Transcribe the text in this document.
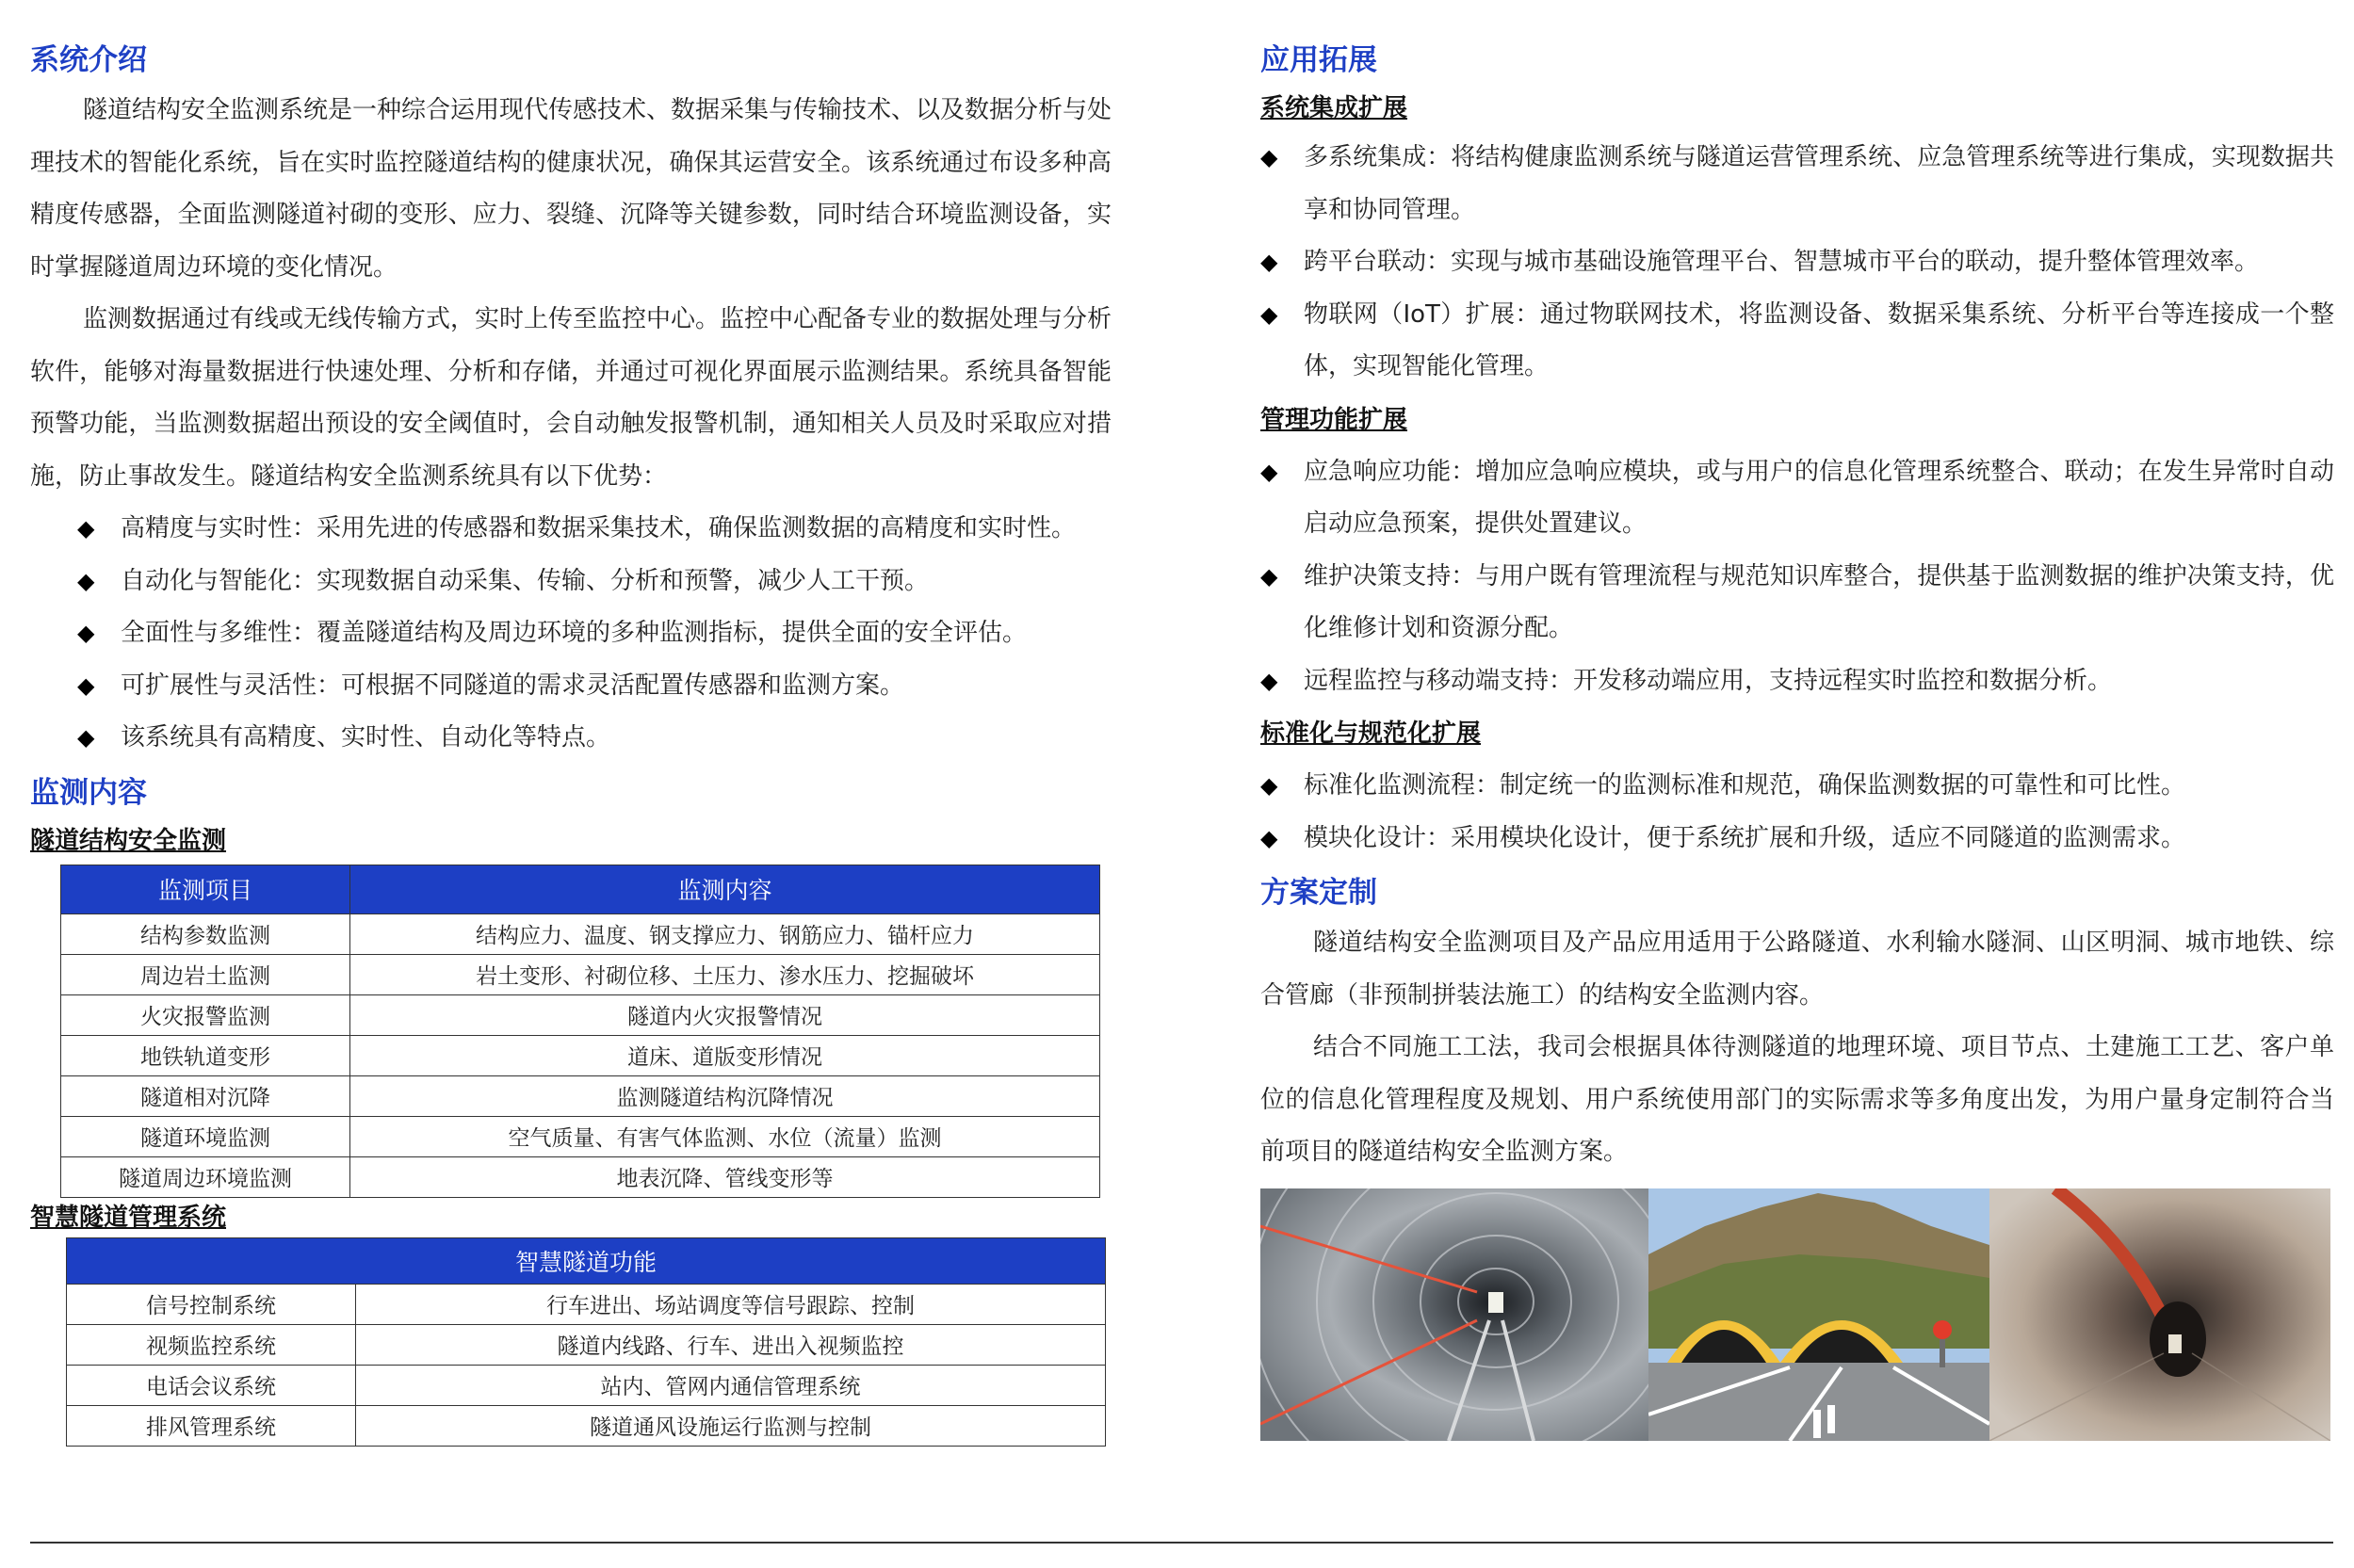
系统介绍

隧道结构安全监测系统是一种综合运用现代传感技术、数据采集与传输技术、以及数据分析与处理技术的智能化系统，旨在实时监控隧道结构的健康状况，确保其运营安全。该系统通过布设多种高精度传感器，全面监测隧道衬砌的变形、应力、裂缝、沉降等关键参数，同时结合环境监测设备，实时掌握隧道周边环境的变化情况。

监测数据通过有线或无线传输方式，实时上传至监控中心。监控中心配备专业的数据处理与分析软件，能够对海量数据进行快速处理、分析和存储，并通过可视化界面展示监测结果。系统具备智能预警功能，当监测数据超出预设的安全阈值时，会自动触发报警机制，通知相关人员及时采取应对措施，防止事故发生。隧道结构安全监测系统具有以下优势：

◆ 高精度与实时性：采用先进的传感器和数据采集技术，确保监测数据的高精度和实时性。
◆ 自动化与智能化：实现数据自动采集、传输、分析和预警，减少人工干预。
◆ 全面性与多维性：覆盖隧道结构及周边环境的多种监测指标，提供全面的安全评估。
◆ 可扩展性与灵活性：可根据不同隧道的需求灵活配置传感器和监测方案。
◆ 该系统具有高精度、实时性、自动化等特点。
监测内容
隧道结构安全监测
监测项目	监测内容
结构参数监测	结构应力、温度、钢支撑应力、钢筋应力、锚杆应力
周边岩土监测	岩土变形、衬砌位移、土压力、渗水压力、挖掘破坏
火灾报警监测	隧道内火灾报警情况
地铁轨道变形	道床、道版变形情况
隧道相对沉降	监测隧道结构沉降情况
隧道环境监测	空气质量、有害气体监测、水位（流量）监测
隧道周边环境监测	地表沉降、管线变形等
智慧隧道管理系统
智慧隧道功能	
信号控制系统	行车进出、场站调度等信号跟踪、控制
视频监控系统	隧道内线路、行车、进出入视频监控
电话会议系统	站内、管网内通信管理系统
排风管理系统	隧道通风设施运行监测与控制
应用拓展
系统集成扩展
◆ 多系统集成：将结构健康监测系统与隧道运营管理系统、应急管理系统等进行集成，实现数据共享和协同管理。
◆ 跨平台联动：实现与城市基础设施管理平台、智慧城市平台的联动，提升整体管理效率。
◆ 物联网（IoT）扩展：通过物联网技术，将监测设备、数据采集系统、分析平台等连接成一个整体，实现智能化管理。
管理功能扩展
◆ 应急响应功能：增加应急响应模块，或与用户的信息化管理系统整合、联动；在发生异常时自动启动应急预案，提供处置建议。
◆ 维护决策支持：与用户既有管理流程与规范知识库整合，提供基于监测数据的维护决策支持，优化维修计划和资源分配。
◆ 远程监控与移动端支持：开发移动端应用，支持远程实时监控和数据分析。
标准化与规范化扩展
◆ 标准化监测流程：制定统一的监测标准和规范，确保监测数据的可靠性和可比性。
◆ 模块化设计：采用模块化设计，便于系统扩展和升级，适应不同隧道的监测需求。
方案定制

隧道结构安全监测项目及产品应用适用于公路隧道、水利输水隧洞、山区明洞、城市地铁、综合管廊（非预制拼装法施工）的结构安全监测内容。

结合不同施工工法，我司会根据具体待测隧道的地理环境、项目节点、土建施工工艺、客户单位的信息化管理程度及规划、用户系统使用部门的实际需求等多角度出发，为用户量身定制符合当前项目的隧道结构安全监测方案。
